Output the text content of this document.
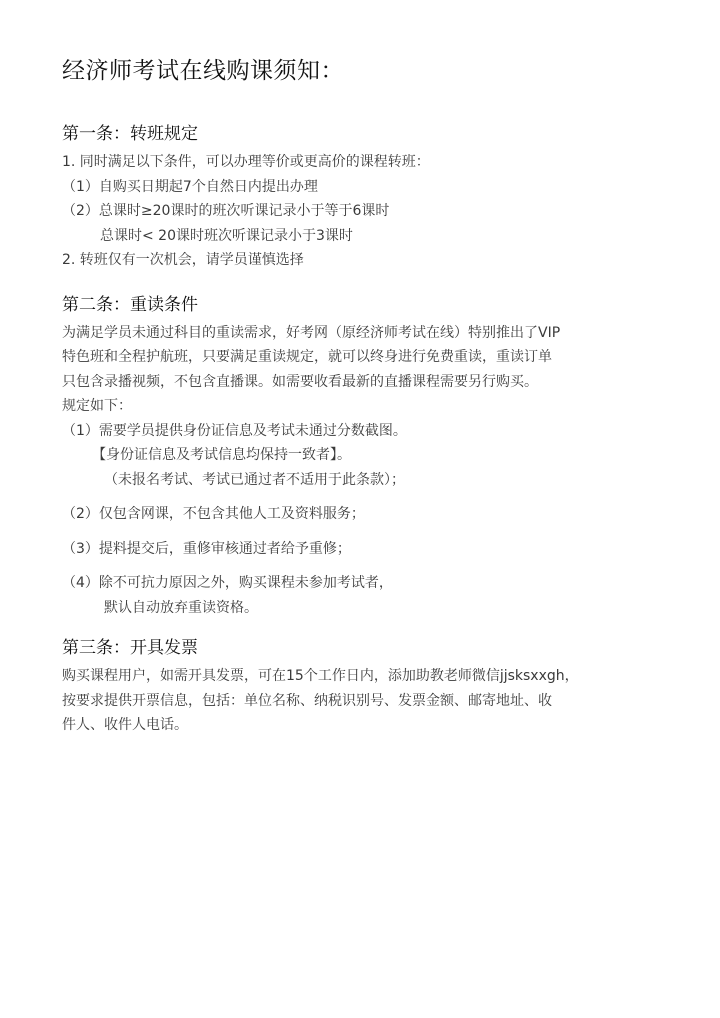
经济师考试在线购课须知：
第一条：转班规定
1. 同时满足以下条件，可以办理等价或更高价的课程转班：
（1）自购买日期起7个自然日内提出办理
（2）总课时≥20课时的班次听课记录小于等于6课时
总课时< 20课时班次听课记录小于3课时
2. 转班仅有一次机会，请学员谨慎选择
第二条：重读条件
为满足学员未通过科目的重读需求，好考网（原经济师考试在线）特别推出了VIP
特色班和全程护航班，只要满足重读规定，就可以终身进行免费重读，重读订单
只包含录播视频，不包含直播课。如需要收看最新的直播课程需要另行购买。
规定如下：
（1）需要学员提供身份证信息及考试未通过分数截图。
【身份证信息及考试信息均保持一致者】。
（未报名考试、考试已通过者不适用于此条款）；
（2）仅包含网课，不包含其他人工及资料服务；
（3）提料提交后，重修审核通过者给予重修；
（4）除不可抗力原因之外，购买课程未参加考试者，
默认自动放弃重读资格。
第三条：开具发票
购买课程用户，如需开具发票，可在15个工作日内，添加助教老师微信jjsksxxgh，
按要求提供开票信息，包括：单位名称、纳税识别号、发票金额、邮寄地址、收
件人、收件人电话。
